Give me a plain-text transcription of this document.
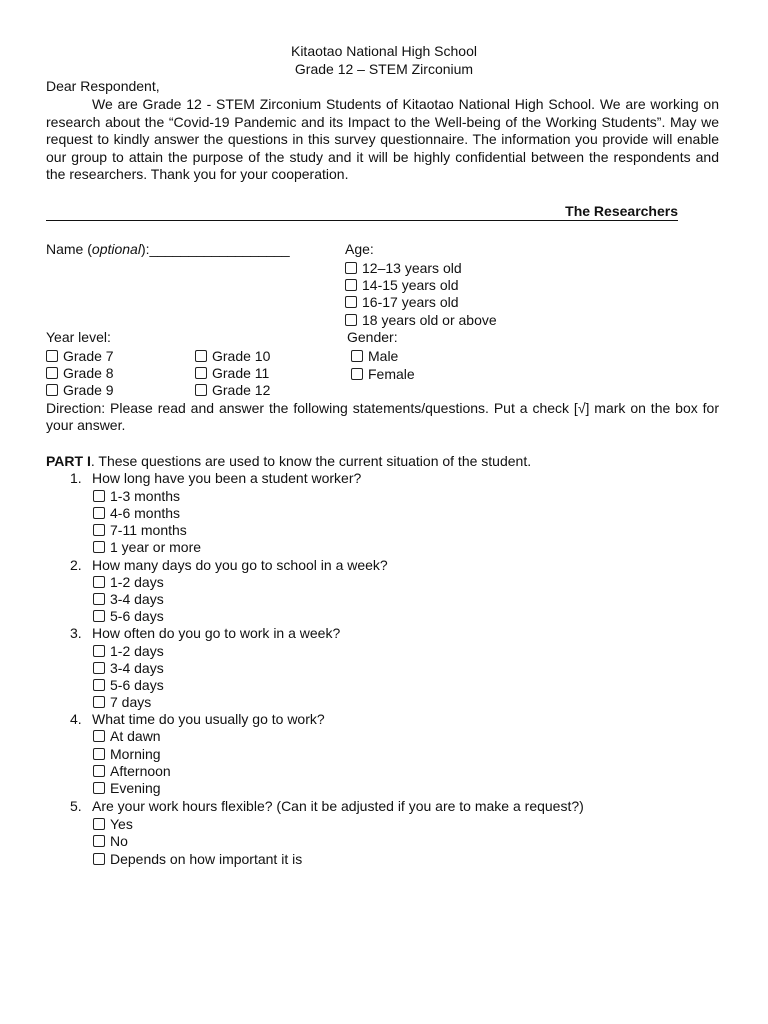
Kitaotao National High School
Grade 12 – STEM Zirconium
Dear Respondent,
We are Grade 12 - STEM Zirconium Students of Kitaotao National High School. We are working on research about the “Covid-19 Pandemic and its Impact to the Well-being of the Working Students”. May we request to kindly answer the questions in this survey questionnaire. The information you provide will enable our group to attain the purpose of the study and it will be highly confidential between the respondents and the researchers. Thank you for your cooperation.
The Researchers
Name (optional):__________________	Age:
12–13 years old
14-15 years old
16-17 years old
18 years old or above
Year level:
Grade 7	Grade 10
Grade 8	Grade 11
Grade 9	Grade 12
Gender:
Male
Female
Direction: Please read and answer the following statements/questions. Put a check [√] mark on the box for your answer.
PART I. These questions are used to know the current situation of the student.
1. How long have you been a student worker?
1-3 months
4-6 months
7-11 months
1 year or more
2. How many days do you go to school in a week?
1-2 days
3-4 days
5-6 days
3. How often do you go to work in a week?
1-2 days
3-4 days
5-6 days
7 days
4. What time do you usually go to work?
At dawn
Morning
Afternoon
Evening
5. Are your work hours flexible? (Can it be adjusted if you are to make a request?)
Yes
No
Depends on how important it is
